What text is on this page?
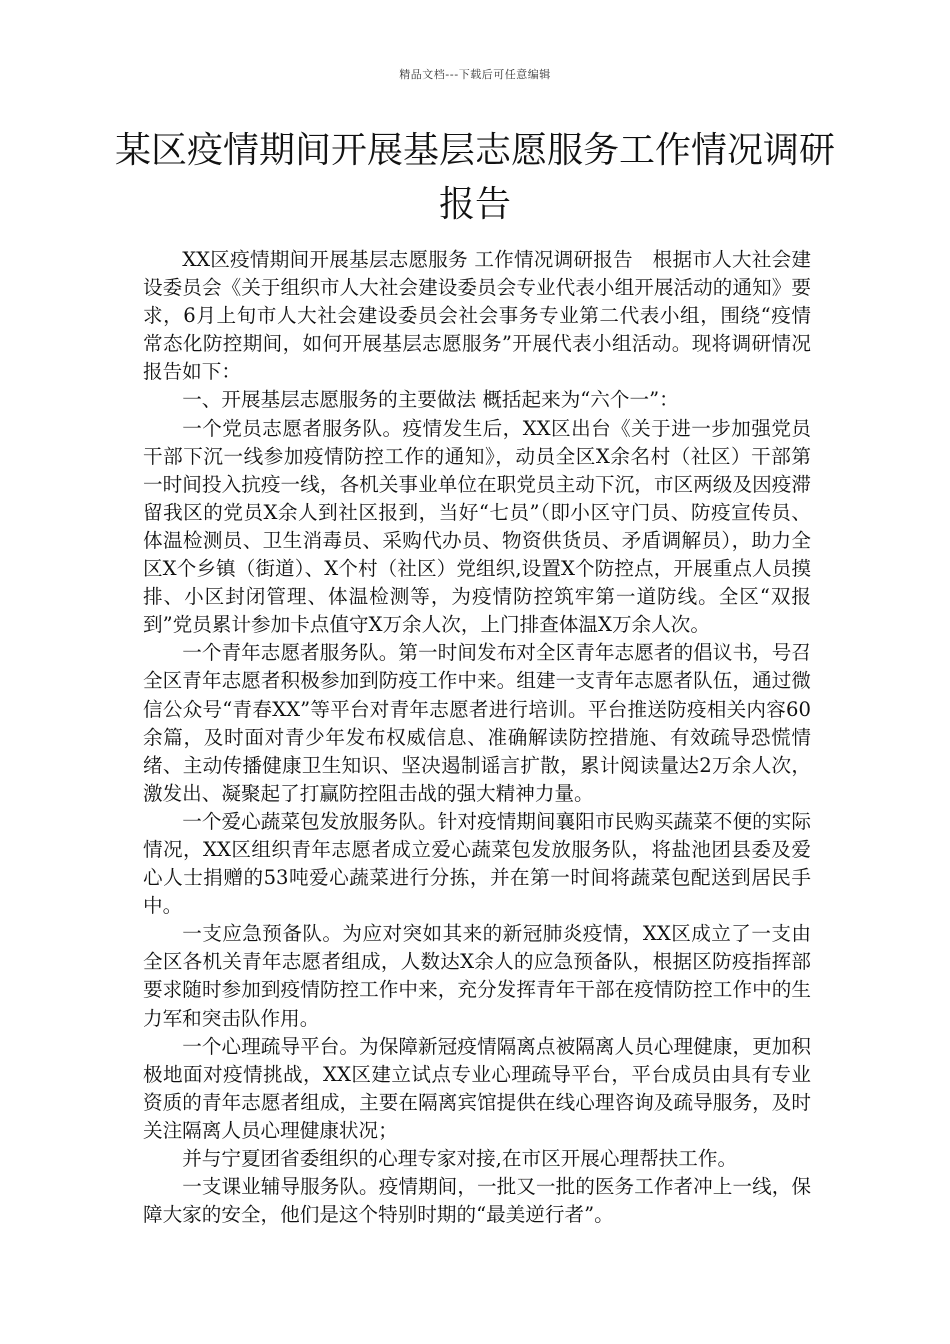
精品文档---下载后可任意编辑
某区疫情期间开展基层志愿服务工作情况调研报告

XX区疫情期间开展基层志愿服务 工作情况调研报告　根据市人大社会建设委员会《关于组织市人大社会建设委员会专业代表小组开展活动的通知》要求，6月上旬市人大社会建设委员会社会事务专业第二代表小组，围绕“疫情常态化防控期间，如何开展基层志愿服务”开展代表小组活动。现将调研情况报告如下：

一、开展基层志愿服务的主要做法 概括起来为“六个一”：

一个党员志愿者服务队。疫情发生后，XX区出台《关于进一步加强党员干部下沉一线参加疫情防控工作的通知》，动员全区X余名村（社区）干部第一时间投入抗疫一线，各机关事业单位在职党员主动下沉，市区两级及因疫滞留我区的党员X余人到社区报到，当好“七员”（即小区守门员、防疫宣传员、体温检测员、卫生消毒员、采购代办员、物资供货员、矛盾调解员），助力全区X个乡镇（街道）、X个村（社区）党组织,设置X个防控点，开展重点人员摸排、小区封闭管理、体温检测等，为疫情防控筑牢第一道防线。全区“双报到”党员累计参加卡点值守X万余人次，上门排查体温X万余人次。

一个青年志愿者服务队。第一时间发布对全区青年志愿者的倡议书，号召全区青年志愿者积极参加到防疫工作中来。组建一支青年志愿者队伍，通过微信公众号“青春XX”等平台对青年志愿者进行培训。平台推送防疫相关内容60余篇，及时面对青少年发布权威信息、准确解读防控措施、有效疏导恐慌情绪、主动传播健康卫生知识、坚决遏制谣言扩散，累计阅读量达2万余人次，激发出、凝聚起了打赢防控阻击战的强大精神力量。

一个爱心蔬菜包发放服务队。针对疫情期间襄阳市民购买蔬菜不便的实际情况，XX区组织青年志愿者成立爱心蔬菜包发放服务队，将盐池团县委及爱心人士捐赠的53吨爱心蔬菜进行分拣，并在第一时间将蔬菜包配送到居民手中。

一支应急预备队。为应对突如其来的新冠肺炎疫情，XX区成立了一支由全区各机关青年志愿者组成，人数达X余人的应急预备队，根据区防疫指挥部要求随时参加到疫情防控工作中来，充分发挥青年干部在疫情防控工作中的生力军和突击队作用。

一个心理疏导平台。为保障新冠疫情隔离点被隔离人员心理健康，更加积极地面对疫情挑战，XX区建立试点专业心理疏导平台，平台成员由具有专业资质的青年志愿者组成，主要在隔离宾馆提供在线心理咨询及疏导服务，及时关注隔离人员心理健康状况；

并与宁夏团省委组织的心理专家对接,在市区开展心理帮扶工作。

一支课业辅导服务队。疫情期间，一批又一批的医务工作者冲上一线，保障大家的安全，他们是这个特别时期的“最美逆行者”。
